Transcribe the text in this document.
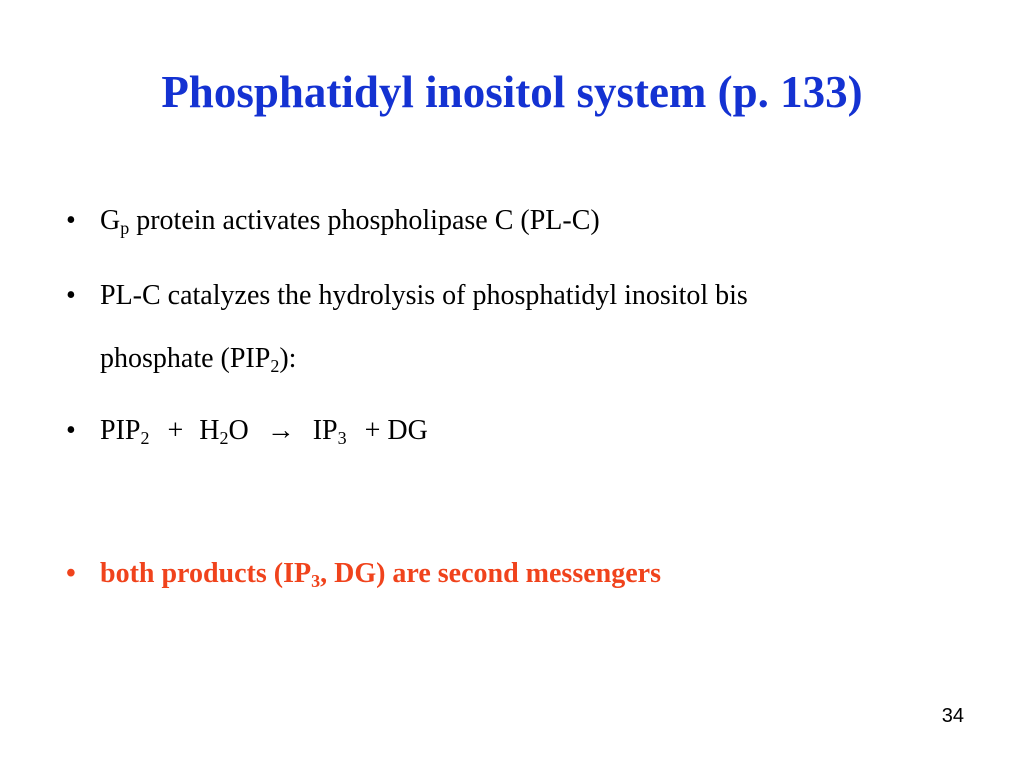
Phosphatidyl inositol system (p. 133)
• $G_p$ protein activates phospholipase C (PL-C)
• PL-C catalyzes the hydrolysis of phosphatidyl inositol bis
phosphate $(PIP_2)$:
• $PIP_2 + H_2O \to IP_3$ + DG
• both products ($IP_3$, DG) are second messengers
34
